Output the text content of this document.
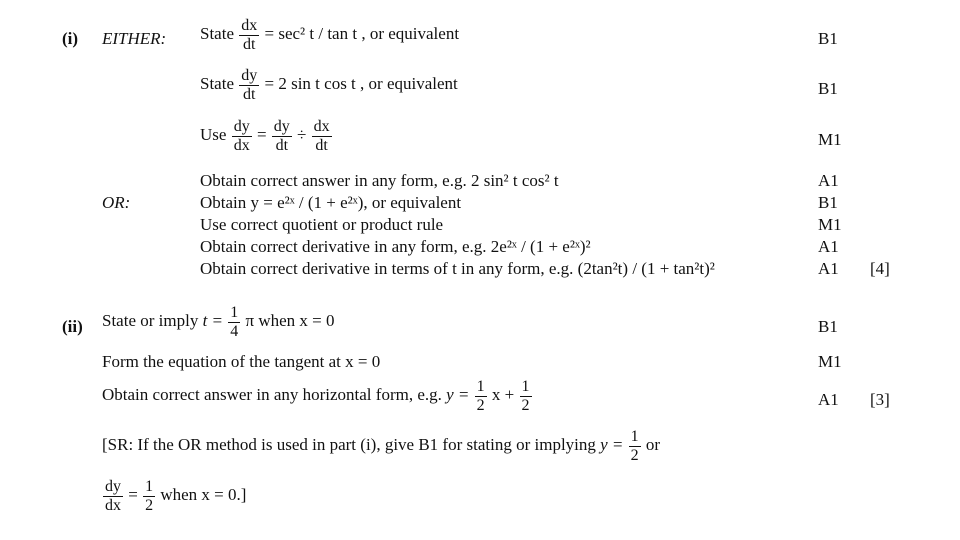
(i) EITHER: State $\frac{dx}{dt} = \sec^2$ t / tan t , or equivalent	B1
State $\frac{dy}{dt} = 2$ sin t cos t , or equivalent	B1
Use $\frac{dy}{dx} = \frac{dy}{dt} \div \frac{dx}{dt}$	M1
Obtain correct answer in any form, e.g. 2 sin² t cos² t	A1
OR:	Obtain y = e²ˣ / (1 + e²ˣ), or equivalent	B1
Use correct quotient or product rule	M1
Obtain correct derivative in any form, e.g. 2e²ˣ / (1 + e²ˣ)²	A1
Obtain correct derivative in terms of t in any form, e.g. (2tan²t) / (1 + tan²t)²	A1 [4]
(ii) State or imply $t = \frac{1}{4}$ π when x = 0	B1
Form the equation of the tangent at x = 0	M1
Obtain correct answer in any horizontal form, e.g. $y = \frac{1}{2}$ $x + \frac{1}{2}$	A1 [3]
[SR: If the OR method is used in part (i), give B1 for stating or implying $y = \frac{1}{2}$ or
$\frac{dy}{dx} = \frac{1}{2}$ when x = 0.]
